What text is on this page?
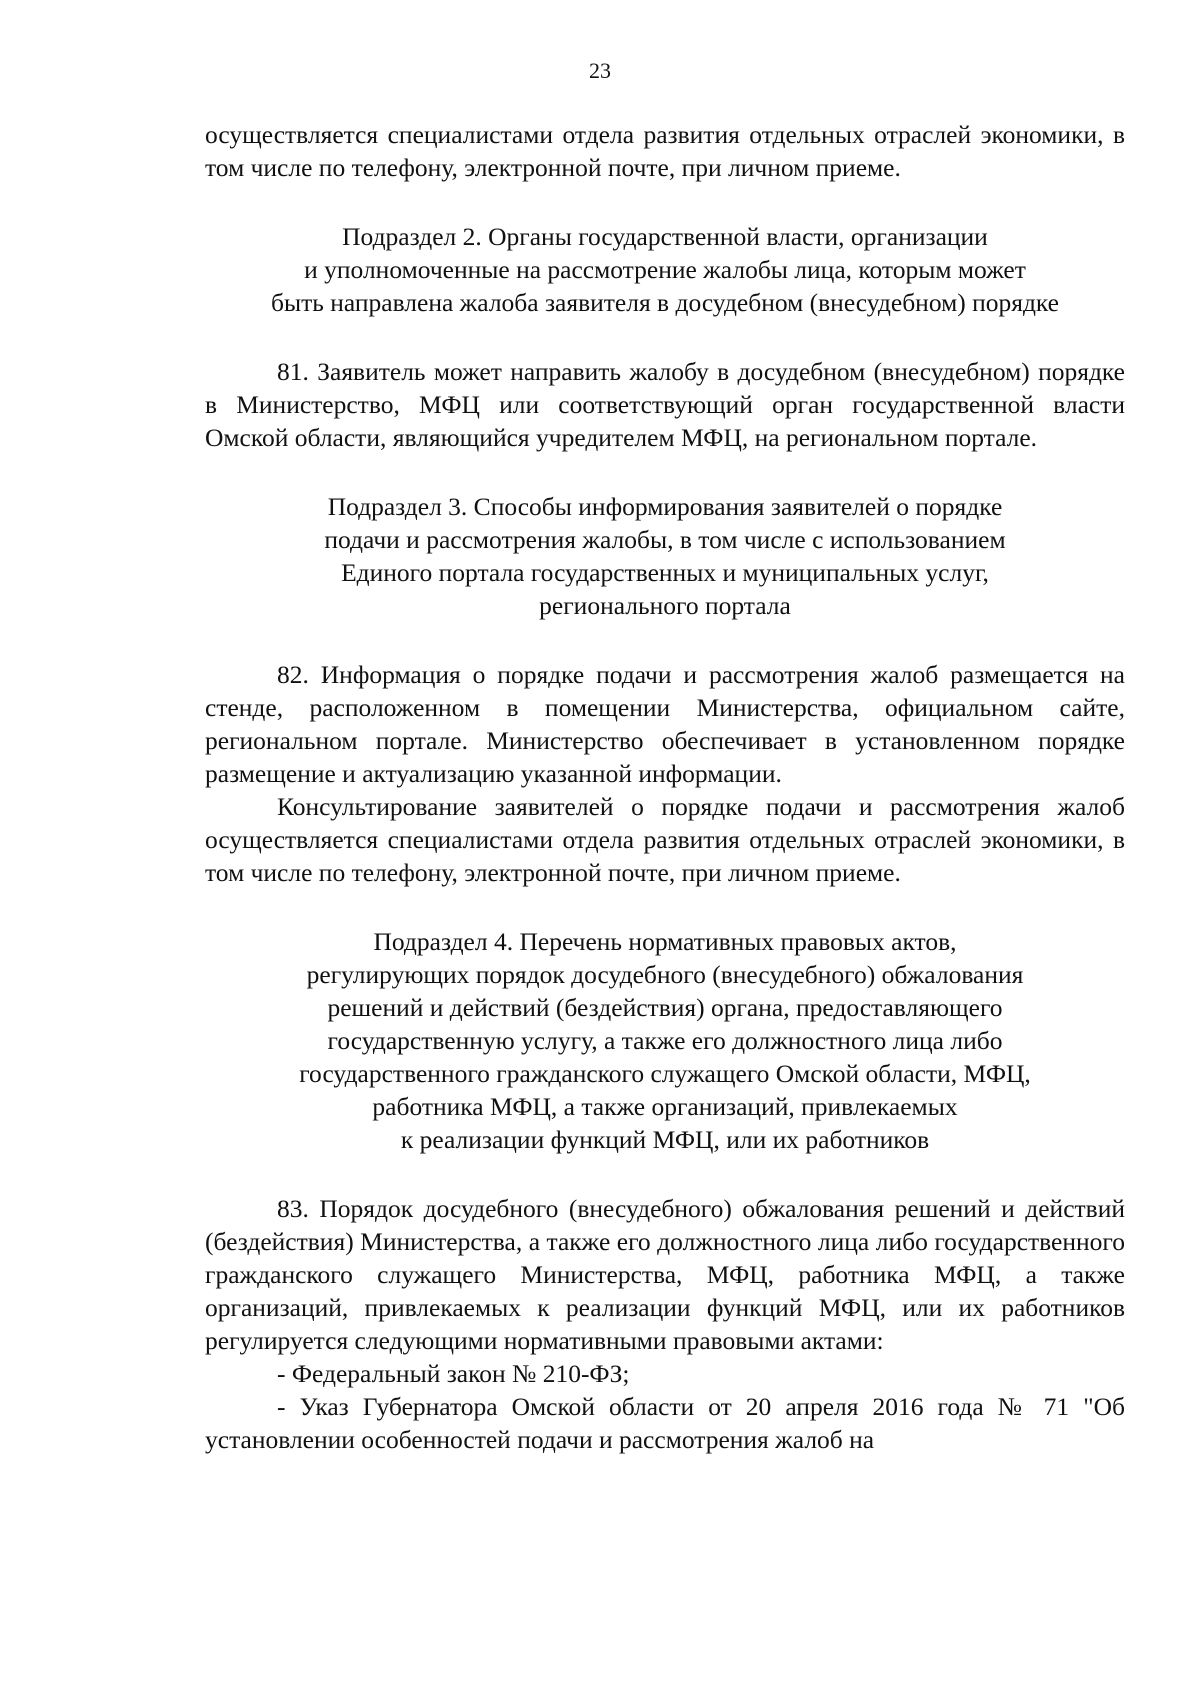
23

осуществляется специалистами отдела развития отдельных отраслей экономики, в том числе по телефону, электронной почте, при личном приеме.

Подраздел 2. Органы государственной власти, организации

и уполномоченные на рассмотрение жалобы лица, которым может

быть направлена жалоба заявителя в досудебном (внесудебном) порядке

81. Заявитель может направить жалобу в досудебном (внесудебном) порядке в Министерство, МФЦ или соответствующий орган государственной власти Омской области, являющийся учредителем МФЦ, на региональном портале.

Подраздел 3. Способы информирования заявителей о порядке

подачи и рассмотрения жалобы, в том числе с использованием

Единого портала государственных и муниципальных услуг,

регионального портала

82. Информация о порядке подачи и рассмотрения жалоб размещается на стенде, расположенном в помещении Министерства, официальном сайте, региональном портале. Министерство обеспечивает в установленном порядке размещение и актуализацию указанной информации.

Консультирование заявителей о порядке подачи и рассмотрения жалоб осуществляется специалистами отдела развития отдельных отраслей экономики, в том числе по телефону, электронной почте, при личном приеме.

Подраздел 4. Перечень нормативных правовых актов,

регулирующих порядок досудебного (внесудебного) обжалования

решений и действий (бездействия) органа, предоставляющего

государственную услугу, а также его должностного лица либо

государственного гражданского служащего Омской области, МФЦ,

работника МФЦ, а также организаций, привлекаемых

к реализации функций МФЦ, или их работников

83. Порядок досудебного (внесудебного) обжалования решений и действий (бездействия) Министерства, а также его должностного лица либо государственного гражданского служащего Министерства, МФЦ, работника МФЦ, а также организаций, привлекаемых к реализации функций МФЦ, или их работников регулируется следующими нормативными правовыми актами:

- Федеральный закон № 210-ФЗ;

- Указ Губернатора Омской области от 20 апреля 2016 года № 71 "Об установлении особенностей подачи и рассмотрения жалоб на
